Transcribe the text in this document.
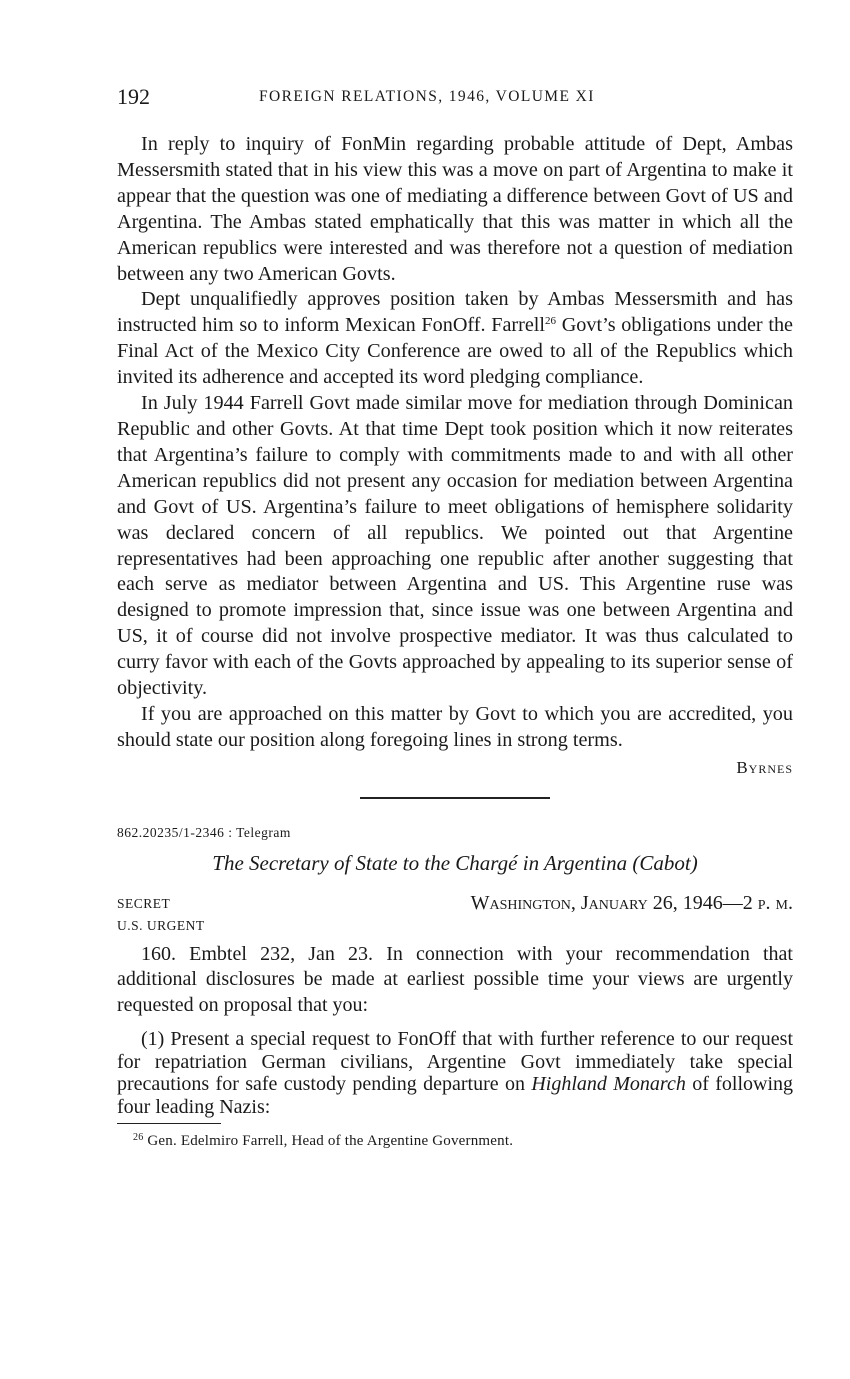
192	FOREIGN RELATIONS, 1946, VOLUME XI

In reply to inquiry of FonMin regarding probable attitude of Dept, Ambas Messersmith stated that in his view this was a move on part of Argentina to make it appear that the question was one of mediating a difference between Govt of US and Argentina. The Ambas stated emphatically that this was matter in which all the American republics were interested and was therefore not a question of mediation between any two American Govts.

Dept unqualifiedly approves position taken by Ambas Messersmith and has instructed him so to inform Mexican FonOff. Farrell$^{26}$ Govt’s obligations under the Final Act of the Mexico City Conference are owed to all of the Republics which invited its adherence and accepted its word pledging compliance.

In July 1944 Farrell Govt made similar move for mediation through Dominican Republic and other Govts. At that time Dept took position which it now reiterates that Argentina’s failure to comply with commitments made to and with all other American republics did not present any occasion for mediation between Argentina and Govt of US. Argentina’s failure to meet obligations of hemisphere solidarity was declared concern of all republics. We pointed out that Argentine representatives had been approaching one republic after another suggesting that each serve as mediator between Argentina and US. This Argentine ruse was designed to promote impression that, since issue was one between Argentina and US, it of course did not involve prospective mediator. It was thus calculated to curry favor with each of the Govts approached by appealing to its superior sense of objectivity.

If you are approached on this matter by Govt to which you are accredited, you should state our position along foregoing lines in strong terms.

Byrnes
862.20235/1-2346 : Telegram
The Secretary of State to the Chargé in Argentina (Cabot)
SECRET	Washington, January 26, 1946—2 p. m.
U.S. URGENT

160. Embtel 232, Jan 23. In connection with your recommendation that additional disclosures be made at earliest possible time your views are urgently requested on proposal that you:

(1) Present a special request to FonOff that with further reference to our request for repatriation German civilians, Argentine Govt immediately take special precautions for safe custody pending departure on Highland Monarch of following four leading Nazis:

$^{26}$ Gen. Edelmiro Farrell, Head of the Argentine Government.
